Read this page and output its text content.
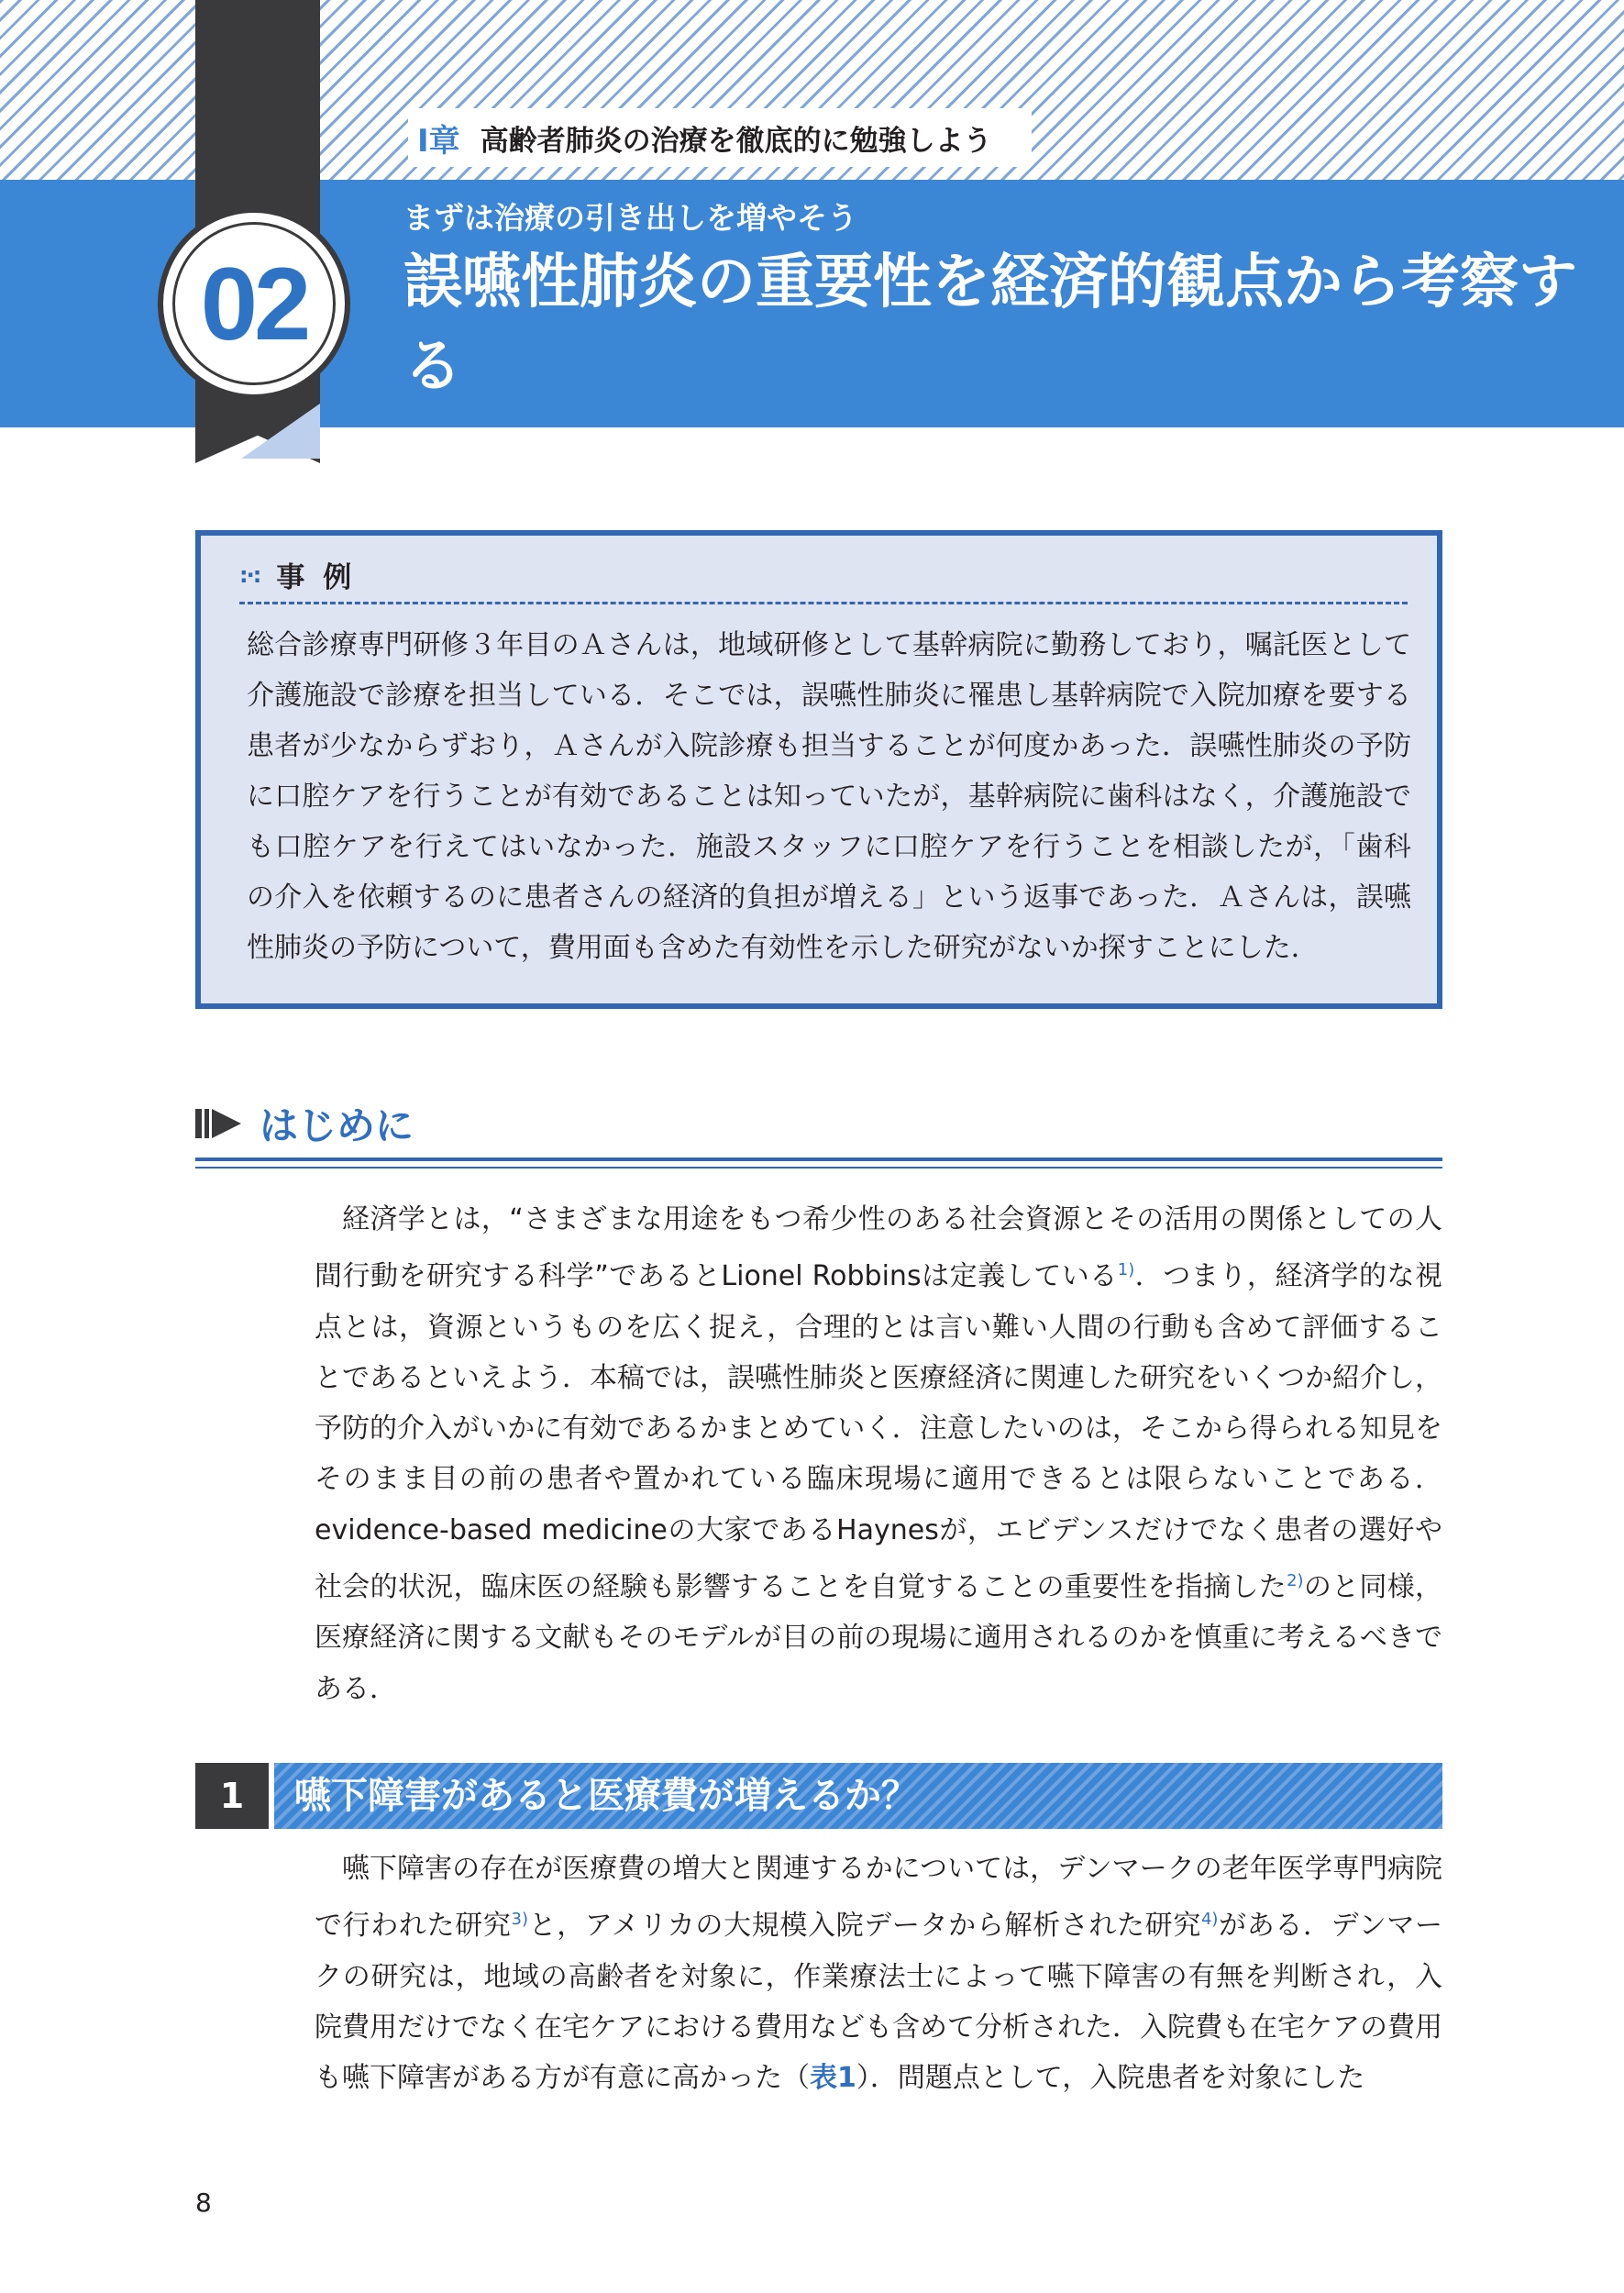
Ⅰ章 高齢者肺炎の治療を徹底的に勉強しよう
02
まずは治療の引き出しを増やそう
誤嚥性肺炎の重要性を経済的観点から考察する
:·: 事例
総合診療専門研修３年目のＡさんは，地域研修として基幹病院に勤務しており，嘱託医として介護施設で診療を担当している．そこでは，誤嚥性肺炎に罹患し基幹病院で入院加療を要する患者が少なからずおり，Ａさんが入院診療も担当することが何度かあった．誤嚥性肺炎の予防に口腔ケアを行うことが有効であることは知っていたが，基幹病院に歯科はなく，介護施設でも口腔ケアを行えてはいなかった．施設スタッフに口腔ケアを行うことを相談したが，「歯科の介入を依頼するのに患者さんの経済的負担が増える」という返事であった．Ａさんは，誤嚥性肺炎の予防について，費用面も含めた有効性を示した研究がないか探すことにした．
はじめに

経済学とは，“さまざまな用途をもつ希少性のある社会資源とその活用の関係としての人間行動を研究する科学”であるとLionel Robbinsは定義している$^{1)}$．つまり，経済学的な視点とは，資源というものを広く捉え，合理的とは言い難い人間の行動も含めて評価することであるといえよう．本稿では，誤嚥性肺炎と医療経済に関連した研究をいくつか紹介し，予防的介入がいかに有効であるかまとめていく．注意したいのは，そこから得られる知見をそのまま目の前の患者や置かれている臨床現場に適用できるとは限らないことである．evidence-based medicineの大家であるHaynesが，エビデンスだけでなく患者の選好や社会的状況，臨床医の経験も影響することを自覚することの重要性を指摘した$^{2)}$のと同様，医療経済に関する文献もそのモデルが目の前の現場に適用されるのかを慎重に考えるべきである．

1	嚥下障害があると医療費が増えるか？

嚥下障害の存在が医療費の増大と関連するかについては，デンマークの老年医学専門病院で行われた研究$^{3)}$と，アメリカの大規模入院データから解析された研究$^{4)}$がある．デンマークの研究は，地域の高齢者を対象に，作業療法士によって嚥下障害の有無を判断され，入院費用だけでなく在宅ケアにおける費用なども含めて分析された．入院費も在宅ケアの費用も嚥下障害がある方が有意に高かった（表1）．問題点として，入院患者を対象にした

8
